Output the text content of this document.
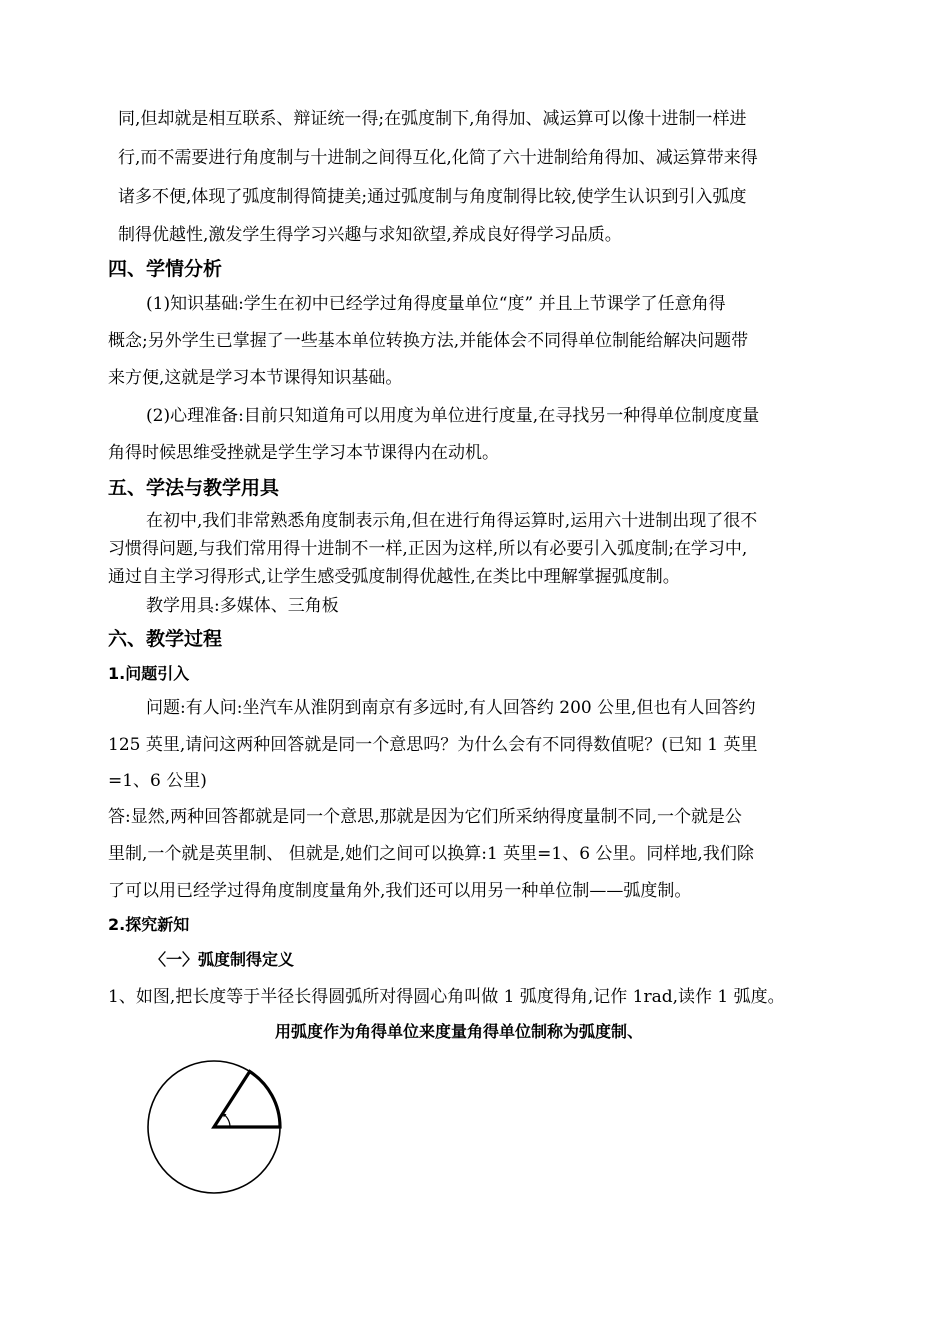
同,但却就是相互联系、辩证统一得;在弧度制下,角得加、减运算可以像十进制一样进
行,而不需要进行角度制与十进制之间得互化,化简了六十进制给角得加、减运算带来得
诸多不便,体现了弧度制得简捷美;通过弧度制与角度制得比较,使学生认识到引入弧度
制得优越性,激发学生得学习兴趣与求知欲望,养成良好得学习品质。
四、学情分析
(1)知识基础:学生在初中已经学过角得度量单位“度” 并且上节课学了任意角得
概念;另外学生已掌握了一些基本单位转换方法,并能体会不同得单位制能给解决问题带
来方便,这就是学习本节课得知识基础。
(2)心理准备:目前只知道角可以用度为单位进行度量,在寻找另一种得单位制度度量
角得时候思维受挫就是学生学习本节课得内在动机。
五、学法与教学用具
在初中,我们非常熟悉角度制表示角,但在进行角得运算时,运用六十进制出现了很不
习惯得问题,与我们常用得十进制不一样,正因为这样,所以有必要引入弧度制;在学习中,
通过自主学习得形式,让学生感受弧度制得优越性,在类比中理解掌握弧度制。
教学用具:多媒体、三角板
六、教学过程
1.问题引入
问题:有人问:坐汽车从淮阴到南京有多远时,有人回答约 200 公里,但也有人回答约
125 英里,请问这两种回答就是同一个意思吗？为什么会有不同得数值呢？(已知 1 英里
=1、6 公里)
答:显然,两种回答都就是同一个意思,那就是因为它们所采纳得度量制不同,一个就是公
里制,一个就是英里制、 但就是,她们之间可以换算:1 英里=1、6 公里。同样地,我们除
了可以用已经学过得角度制度量角外,我们还可以用另一种单位制——弧度制。
2.探究新知
〈一〉弧度制得定义
1、如图,把长度等于半径长得圆弧所对得圆心角叫做 1 弧度得角,记作 1rad,读作 1 弧度。
用弧度作为角得单位来度量角得单位制称为弧度制、
